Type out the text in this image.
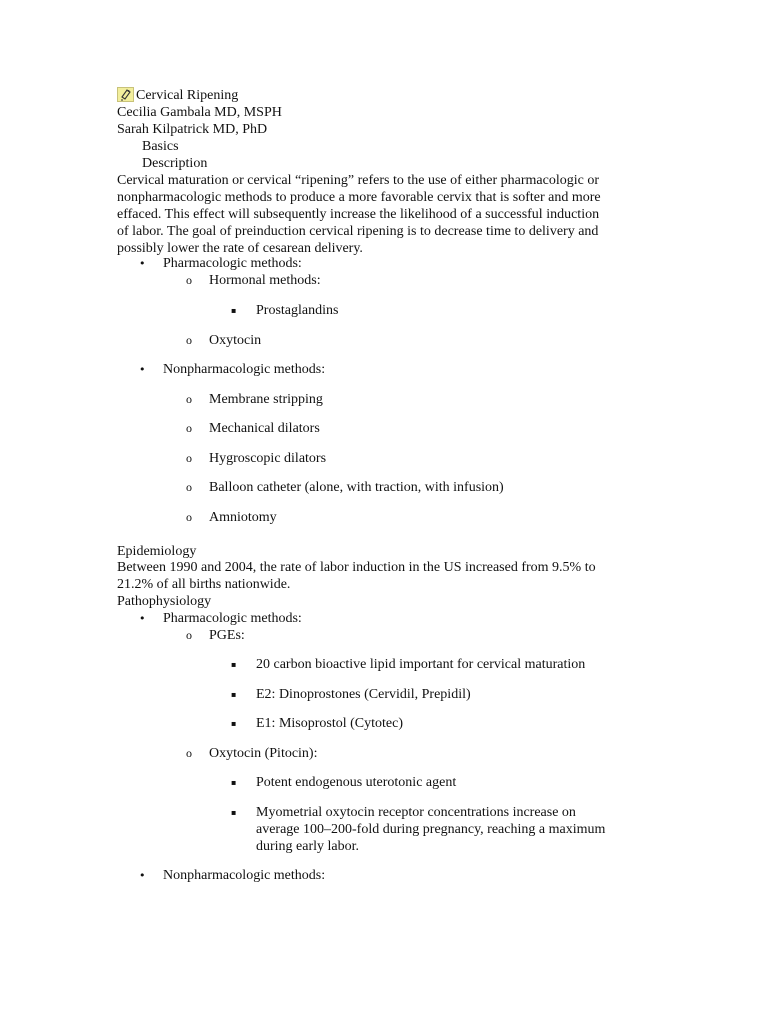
Cervical Ripening
Cecilia Gambala MD, MSPH
Sarah Kilpatrick MD, PhD
Basics
Description
Cervical maturation or cervical “ripening” refers to the use of either pharmacologic or
nonpharmacologic methods to produce a more favorable cervix that is softer and more
effaced. This effect will subsequently increase the likelihood of a successful induction
of labor. The goal of preinduction cervical ripening is to decrease time to delivery and
possibly lower the rate of cesarean delivery.
• Pharmacologic methods:
o Hormonal methods:
▪ Prostaglandins
o Oxytocin
• Nonpharmacologic methods:
o Membrane stripping
o Mechanical dilators
o Hygroscopic dilators
o Balloon catheter (alone, with traction, with infusion)
o Amniotomy
Epidemiology
Between 1990 and 2004, the rate of labor induction in the US increased from 9.5% to
21.2% of all births nationwide.
Pathophysiology
• Pharmacologic methods:
o PGEs:
▪ 20 carbon bioactive lipid important for cervical maturation
▪ E2: Dinoprostones (Cervidil, Prepidil)
▪ E1: Misoprostol (Cytotec)
o Oxytocin (Pitocin):
▪ Potent endogenous uterotonic agent
▪ Myometrial oxytocin receptor concentrations increase on
average 100–200-fold during pregnancy, reaching a maximum
during early labor.
• Nonpharmacologic methods:
